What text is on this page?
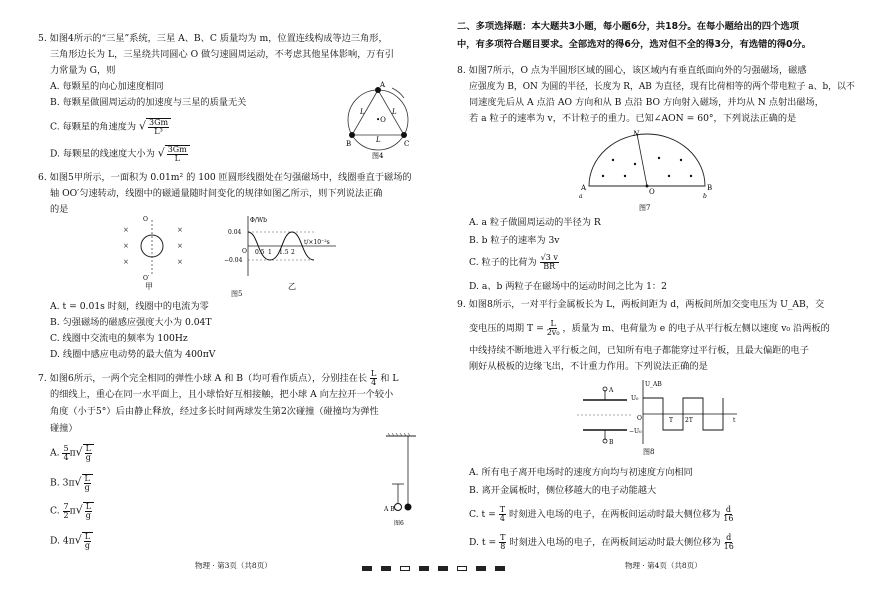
5. 如图4所示的“三星”系统，三星 A、B、C 质量均为 m，位置连线构成等边三角形，
三角形边长为 L，三星绕共同圆心 O 做匀速圆周运动，不考虑其他星体影响，万有引
力常量为 G，则
A. 每颗星的向心加速度相同
B. 每颗星做圆周运动的加速度与三星的质量无关
C. 每颗星的角速度为 √ $\frac{3Gm}{\text{L³}}$
D. 每颗星的线速度大小为 √ $\frac{3Gm}{L}$
A
B	C
•O
L	L
L
图4
6. 如图5甲所示，一面积为 0.01m² 的 100 匝圆形线圈处在匀强磁场中，线圈垂直于磁场的
轴 OO′匀速转动，线圈中的磁通量随时间变化的规律如图乙所示，则下列说法正确
的是
×
×
×
×
×
×
O
O′
甲
Φ/Wb
0.04
−0.04
O 0.5 1 1.5 2
t/×10⁻²s
乙
图5
A. t = 0.01s 时刻，线圈中的电流为零
B. 匀强磁场的磁感应强度大小为 0.04T
C. 线圈中交流电的频率为 100Hz
D. 线圈中感应电动势的最大值为 400πV
7. 如图6所示，一两个完全相同的弹性小球 A 和 B（均可看作质点），分别挂在长 $\frac{L}{4}$ 和 L
的细线上，重心在同一水平面上，且小球恰好互相接触，把小球 A 向左拉开一个较小
角度（小于5°）后由静止释放，经过多长时间两球发生第2次碰撞（碰撞均为弹性
碰撞）
A. $\frac{5}{4} \pi√ \frac{L}{g}$
B. $3\pi√ \frac{L}{g}$
C. $\frac{7}{2} \pi√ \frac{L}{g}$
D. $4\pi√ \frac{L}{g}$
A B
图6
物理 · 第3页（共8页）
二、多项选择题：本大题共3小题，每小题6分，共18分。在每小题给出的四个选项
中，有多项符合题目要求。全部选对的得6分，选对但不全的得3分，有选错的得0分。
8. 如图7所示，O 点为半圆形区域的圆心，该区域内有垂直纸面向外的匀强磁场，磁感
应强度为 B，ON 为圆的半径，长度为 R，AB 为直径，现有比荷相等的两个带电粒子 a、b，以不
同速度先后从 A 点沿 AO 方向和从 B 点沿 BO 方向射入磁场，并均从 N 点射出磁场，
若 a 粒子的速率为 v，不计粒子的重力。已知∠AON = 60°，下列说法正确的是
N
A	B
O
a	b
图7
A. a 粒子做圆周运动的半径为 R
B. b 粒子的速率为 3v
C. 粒子的比荷为 $\frac{√3 v}{BR}$
D. a、b 两粒子在磁场中的运动时间之比为 1：2
9. 如图8所示，一对平行金属板长为 L，两板间距为 d，两板间所加交变电压为 U_AB，交
变电压的周期 $T = \frac{L}{\text{2v₀}}$ ，质量为 m、电荷量为 e 的电子从平行板左侧以速度 v₀ 沿两板的
中线持续不断地进入平行板之间，已知所有电子都能穿过平行板，且最大偏距的电子
刚好从极板的边缘飞出，不计重力作用。下列说法正确的是
A
B
U_AB
U₀
−U₀
O	T 2T	t
图8
A. 所有电子离开电场时的速度方向均与初速度方向相同
B. 离开金属板时，侧位移越大的电子动能越大
C. $t = \frac{T}{4}$ 时刻进入电场的电子，在两板间运动时最大侧位移为 $\frac{d}{16}$
D. $t = \frac{T}{8}$ 时刻进入电场的电子，在两板间运动时最大侧位移为 $\frac{d}{16}$
物理 · 第4页（共8页）
